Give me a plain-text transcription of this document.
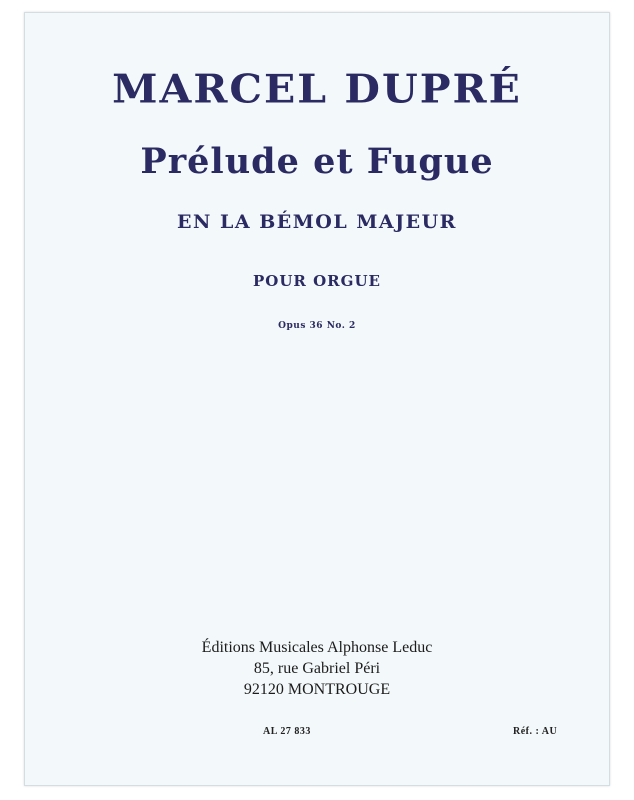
MARCEL DUPRÉ
Prélude et Fugue
EN LA BÉMOL MAJEUR
POUR ORGUE
Opus 36 No. 2
Éditions Musicales Alphonse Leduc
85, rue Gabriel Péri
92120 MONTROUGE
AL 27 833	Réf. : AU
